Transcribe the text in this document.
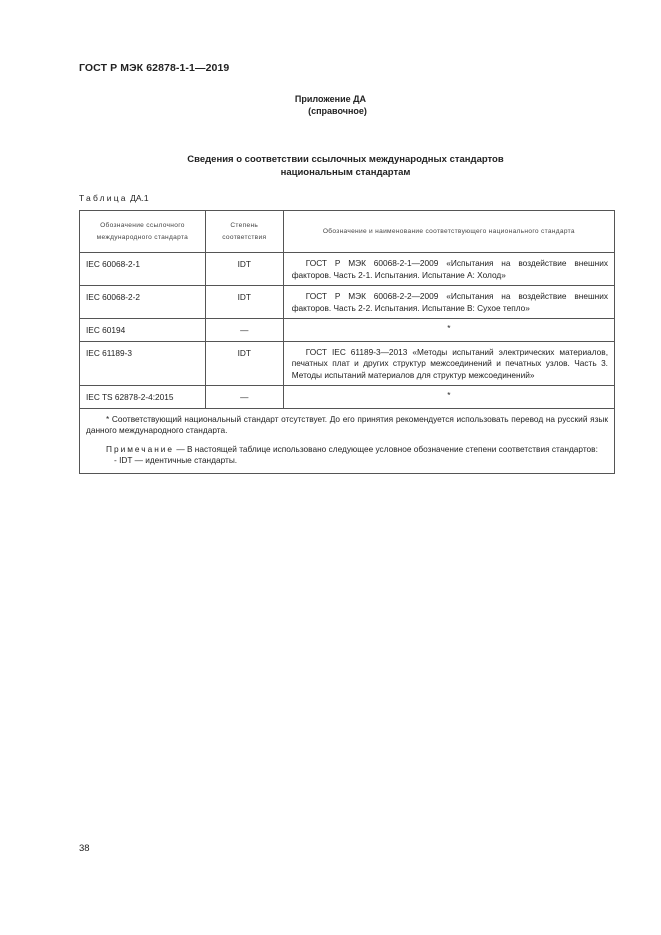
ГОСТ Р МЭК 62878-1-1—2019
Приложение ДА
(справочное)
Сведения о соответствии ссылочных международных стандартов
национальным стандартам
Таблица ДА.1
Обозначение ссылочного международного стандарта	Степень соответствия	Обозначение и наименование соответствующего национального стандарта
IEC 60068-2-1	IDT	ГОСТ Р МЭК 60068-2-1—2009 «Испытания на воздействие внешних факторов. Часть 2-1. Испытания. Испытание А: Холод»

IEC 60068-2-2	IDT	ГОСТ Р МЭК 60068-2-2—2009 «Испытания на воздействие внешних факторов. Часть 2-2. Испытания. Испытание В: Сухое тепло»

IEC 60194	—	*
IEC 61189-3	IDT	ГОСТ IEC 61189-3—2013 «Методы испытаний электрических материалов, печатных плат и других структур межсоединений и печатных узлов. Часть 3. Методы испытаний материалов для структур межсоединений»

IEC TS 62878-2-4:2015	—	*

* Соответствующий национальный стандарт отсутствует. До его принятия рекомендуется использовать перевод на русский язык данного международного стандарта.

Примечание — В настоящей таблице использовано следующее условное обозначение степени соответствия стандартов:

- IDT — идентичные стандарты.		

38
